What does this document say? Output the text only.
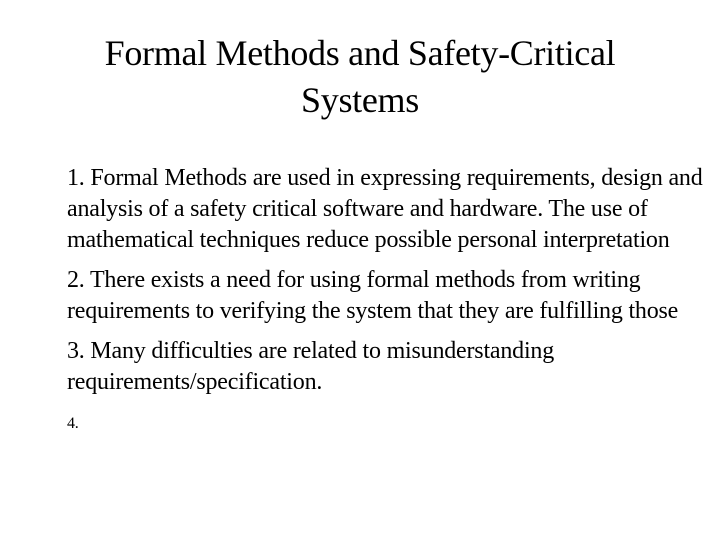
Formal Methods and Safety-Critical
Systems
1. Formal Methods are used in expressing requirements, design and analysis of a safety critical software and hardware. The use of mathematical techniques reduce possible personal interpretation
2. There exists a need for using formal methods from writing requirements to verifying the system that they are fulfilling those
3. Many difficulties are related to misunderstanding requirements/specification.
4.
